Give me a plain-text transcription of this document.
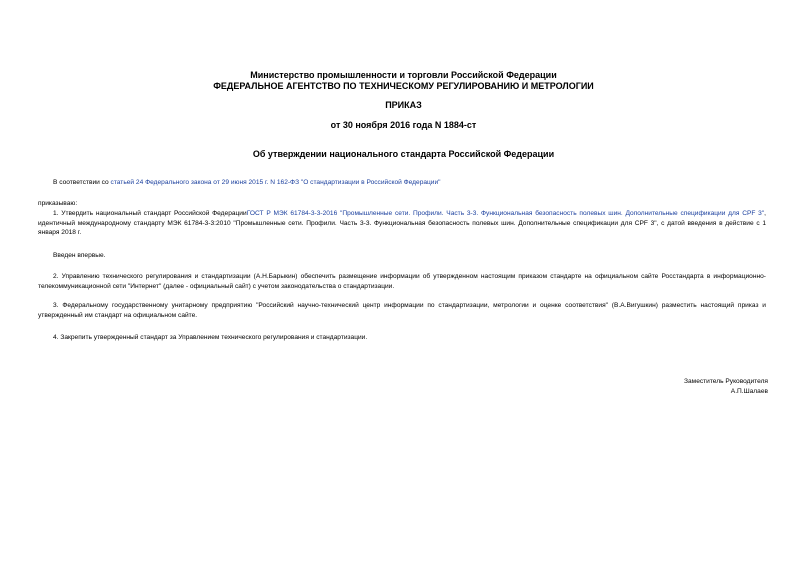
Министерство промышленности и торговли Российской Федерации
ФЕДЕРАЛЬНОЕ АГЕНТСТВО ПО ТЕХНИЧЕСКОМУ РЕГУЛИРОВАНИЮ И МЕТРОЛОГИИ
ПРИКАЗ
от 30 ноября 2016 года N 1884-ст
Об утверждении национального стандарта Российской Федерации
В соответствии со статьей 24 Федерального закона от 29 июня 2015 г. N 162-ФЗ "О стандартизации в Российской Федерации"
приказываю:
1. Утвердить национальный стандарт Российской ФедерацииГОСТ Р МЭК 61784-3-3-2016 "Промышленные сети. Профили. Часть 3-3. Функциональная безопасность полевых шин. Дополнительные спецификации для CPF 3", идентичный международному стандарту МЭК 61784-3-3:2010 "Промышленные сети. Профили. Часть 3-3. Функциональная безопасность полевых шин. Дополнительные спецификации для CPF 3", с датой введения в действие с 1 января 2018 г.
Введен впервые.
2. Управлению технического регулирования и стандартизации (А.Н.Барыкин) обеспечить размещение информации об утвержденном настоящим приказом стандарте на официальном сайте Росстандарта в информационно-телекоммуникационной сети "Интернет" (далее - официальный сайт) с учетом законодательства о стандартизации.
3. Федеральному государственному унитарному предприятию "Российский научно-технический центр информации по стандартизации, метрологии и оценке соответствия" (В.А.Вигушкин) разместить настоящий приказ и утвержденный им стандарт на официальном сайте.
4. Закрепить утвержденный стандарт за Управлением технического регулирования и стандартизации.
Заместитель Руководителя
А.П.Шалаев
